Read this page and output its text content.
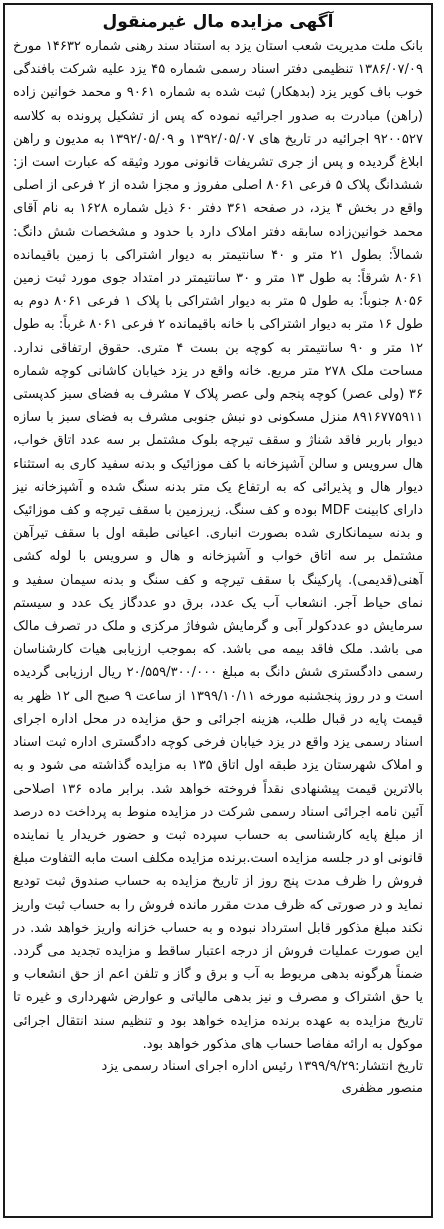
آگهی مزایده مال غیرمنقول

بانک ملت مدیریت شعب استان یزد به استناد سند رهنی شماره ۱۴۶۳۲ مورخ ۱۳۸۶/۰۷/۰۹ تنظیمی دفتر اسناد رسمی شماره ۴۵ یزد علیه شرکت بافندگی خوب باف کویر یزد (بدهکار) ثبت شده به شماره ۹۰۶۱ و محمد خوانین زاده (راهن) مبادرت به صدور اجرائیه نموده که پس از تشکیل پرونده به کلاسه ۹۲۰۰۵۲۷ اجرائیه در تاریخ های ۱۳۹۲/۰۵/۰۷ و ۱۳۹۲/۰۵/۰۹ به مدیون و راهن ابلاغ گردیده و پس از جری تشریفات قانونی مورد وثیقه که عبارت است از: ششدانگ پلاک ۵ فرعی ۸۰۶۱ اصلی مفروز و مجزا شده از ۲ فرعی از اصلی واقع در بخش ۴ یزد، در صفحه ۳۶۱ دفتر ۶۰ ذیل شماره ۱۶۲۸ به نام آقای محمد خوانین‌زاده سابقه دفتر املاک دارد با حدود و مشخصات شش دانگ: شمالاً: بطول ۲۱ متر و ۴۰ سانتیمتر به دیوار اشتراکی با زمین باقیمانده ۸۰۶۱ شرقاً: به طول ۱۳ متر و ۳۰ سانتیمتر در امتداد جوی مورد ثبت زمین ۸۰۵۶ جنوباً: به طول ۵ متر به دیوار اشتراکی با پلاک ۱ فرعی ۸۰۶۱ دوم به طول ۱۶ متر به دیوار اشتراکی با خانه باقیمانده ۲ فرعی ۸۰۶۱ غرباً: به طول ۱۲ متر و ۹۰ سانتیمتر به کوچه بن بست ۴ متری. حقوق ارتفاقی ندارد. مساحت ملک ۲۷۸ متر مربع. خانه واقع در یزد خیابان کاشانی کوچه شماره ۳۶ (ولی عصر) کوچه پنجم ولی عصر پلاک ۷ مشرف به فضای سبز کدپستی ۸۹۱۶۷۷۵۹۱۱ منزل مسکونی دو نبش جنوبی مشرف به فضای سبز با سازه دیوار باربر فاقد شناژ و سقف تیرچه بلوک مشتمل بر سه عدد اتاق خواب، هال سرویس و سالن آشپزخانه با کف موزائیک و بدنه سفید کاری به استثناء دیوار هال و پذیرائی که به ارتفاع یک متر بدنه سنگ شده و آشپزخانه نیز دارای کابینت MDF بوده و کف سنگ. زیرزمین با سقف تیرچه و کف موزائیک و بدنه سیمانکاری شده بصورت انباری. اعیانی طبقه اول با سقف تیرآهن مشتمل بر سه اتاق خواب و آشپزخانه و هال و سرویس با لوله کشی آهنی(قدیمی). پارکینگ با سقف تیرچه و کف سنگ و بدنه سیمان سفید و نمای حیاط آجر. انشعاب آب یک عدد، برق دو عددگاز یک عدد و سیستم سرمایش دو عددکولر آبی و گرمایش شوفاژ مرکزی و ملک در تصرف مالک می باشد. ملک فاقد بیمه می باشد. که بموجب ارزیابی هیات کارشناسان رسمی دادگستری شش دانگ به مبلغ ۲۰/۵۵۹/۳۰۰/۰۰۰ ریال ارزیابی گردیده است و در روز پنجشنبه مورخه ۱۳۹۹/۱۰/۱۱ از ساعت ۹ صبح الی ۱۲ ظهر به قیمت پایه در قبال طلب، هزینه اجرائی و حق مزایده در محل اداره اجرای اسناد رسمی یزد واقع در یزد خیابان فرخی کوچه دادگستری اداره ثبت اسناد و املاک شهرستان یزد طبقه اول اتاق ۱۳۵ به مزایده گذاشته می شود و به بالاترین قیمت پیشنهادی نقداً فروخته خواهد شد. برابر ماده ۱۳۶ اصلاحی آئین نامه اجرائی اسناد رسمی شرکت در مزایده منوط به پرداخت ده درصد از مبلغ پایه کارشناسی به حساب سپرده ثبت و حضور خریدار یا نماینده قانونی او در جلسه مزایده است.برنده مزایده مکلف است مابه التفاوت مبلغ فروش را ظرف مدت پنج روز از تاریخ مزایده به حساب صندوق ثبت تودیع نماید و در صورتی که ظرف مدت مقرر مانده فروش را به حساب ثبت واریز نکند مبلغ مذکور قابل استرداد نبوده و به حساب خزانه واریز خواهد شد. در این صورت عملیات فروش از درجه اعتبار ساقط و مزایده تجدید می گردد. ضمناً هرگونه بدهی مربوط به آب و برق و گاز و تلفن اعم از حق انشعاب و یا حق اشتراک و مصرف و نیز بدهی مالیاتی و عوارض شهرداری و غیره تا تاریخ مزایده به عهده برنده مزایده خواهد بود و تنظیم سند انتقال اجرائی موکول به ارائه مفاصا حساب های مذکور خواهد بود.

تاریخ انتشار:۱۳۹۹/۹/۲۹ رئیس اداره اجرای اسناد رسمی یزد

منصور مظفری
